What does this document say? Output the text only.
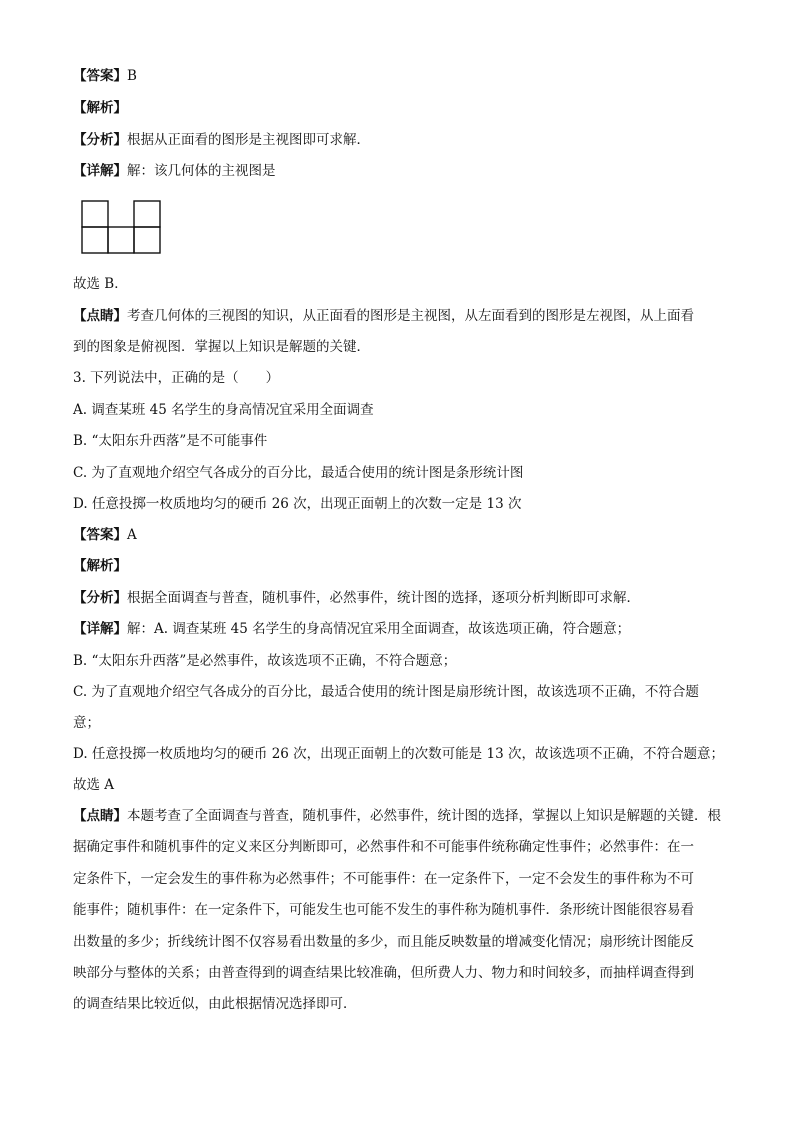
【答案】B
【解析】
【分析】根据从正面看的图形是主视图即可求解．
【详解】解：该几何体的主视图是
故选 B．
【点睛】考查几何体的三视图的知识，从正面看的图形是主视图，从左面看到的图形是左视图，从上面看
到的图象是俯视图．掌握以上知识是解题的关键．
3. 下列说法中，正确的是（　　）
A. 调查某班 45 名学生的身高情况宜采用全面调查
B. “太阳东升西落”是不可能事件
C. 为了直观地介绍空气各成分的百分比，最适合使用的统计图是条形统计图
D. 任意投掷一枚质地均匀的硬币 26 次，出现正面朝上的次数一定是 13 次
【答案】A
【解析】
【分析】根据全面调查与普查，随机事件，必然事件，统计图的选择，逐项分析判断即可求解．
【详解】解：A. 调查某班 45 名学生的身高情况宜采用全面调查，故该选项正确，符合题意；
B. “太阳东升西落”是必然事件，故该选项不正确，不符合题意；
C. 为了直观地介绍空气各成分的百分比，最适合使用的统计图是扇形统计图，故该选项不正确，不符合题
意；
D. 任意投掷一枚质地均匀的硬币 26 次，出现正面朝上的次数可能是 13 次，故该选项不正确，不符合题意；
故选 A
【点睛】本题考查了全面调查与普查，随机事件，必然事件，统计图的选择，掌握以上知识是解题的关键．根
据确定事件和随机事件的定义来区分判断即可，必然事件和不可能事件统称确定性事件；必然事件：在一
定条件下，一定会发生的事件称为必然事件；不可能事件：在一定条件下，一定不会发生的事件称为不可
能事件；随机事件：在一定条件下，可能发生也可能不发生的事件称为随机事件．条形统计图能很容易看
出数量的多少；折线统计图不仅容易看出数量的多少，而且能反映数量的增减变化情况；扇形统计图能反
映部分与整体的关系；由普查得到的调查结果比较准确，但所费人力、物力和时间较多，而抽样调查得到
的调查结果比较近似，由此根据情况选择即可．
